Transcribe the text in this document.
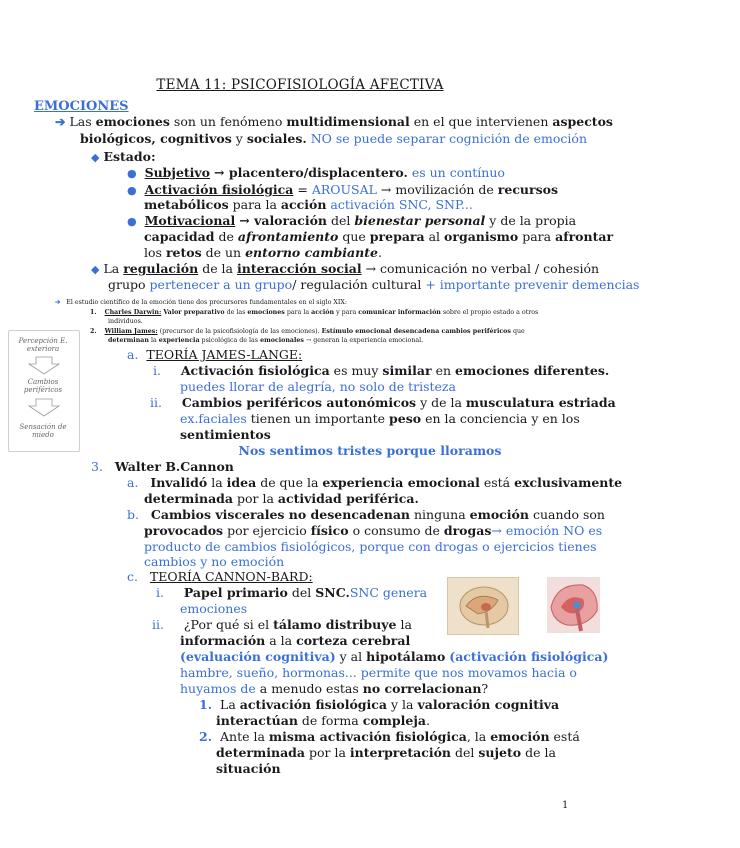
TEMA 11: PSICOFISIOLOGÍA AFECTIVA
EMOCIONES
➔ Las emociones son un fenómeno multidimensional en el que intervienen aspectos
biológicos, cognitivos y sociales. NO se puede separar cognición de emoción
◆ Estado:
● Subjetivo → placentero/displacentero. es un contínuo
● Activación fisiológica = AROUSAL → movilización de recursos
metabólicos para la acción activación SNC, SNP...
● Motivacional → valoración del bienestar personal y de la propia
capacidad de afrontamiento que prepara al organismo para afrontar
los retos de un entorno cambiante.
◆ La regulación de la interacción social → comunicación no verbal / cohesión
grupo pertenecer a un grupo/ regulación cultural + importante prevenir demencias
➔ El estudio científico de la emoción tiene dos precursores fundamentales en el siglo XIX:
1. Charles Darwin: Valor preparativo de las emociones para la acción y para comunicar información sobre el propio estado a otros
individuos.
2. William James: (precursor de la psicofisiología de las emociones). Estímulo emocional desencadena cambios periféricos que
determinan la experiencia psicológica de las emocionales → generan la experiencia emocional.
Percepción E. exteriora
Cambios periféricos
Sensación de miedo
a. TEORÍA JAMES-LANGE:
i. Activación fisiológica es muy similar en emociones diferentes.
puedes llorar de alegría, no solo de tristeza
ii. Cambios periféricos autonómicos y de la musculatura estriada
ex.faciales tienen un importante peso en la conciencia y en los
sentimientos
Nos sentimos tristes porque lloramos
3. Walter B.Cannon
a. Invalidó la idea de que la experiencia emocional está exclusivamente
determinada por la actividad periférica.
b. Cambios viscerales no desencadenan ninguna emoción cuando son
provocados por ejercicio físico o consumo de drogas→ emoción NO es
producto de cambios fisiológicos, porque con drogas o ejercicios tienes
cambios y no emoción
c. TEORÍA CANNON-BARD:
i. Papel primario del SNC.SNC genera
emociones
ii. ¿Por qué si el tálamo distribuye la
información a la corteza cerebral
(evaluación cognitiva) y al hipotálamo (activación fisiológica)
hambre, sueño, hormonas... permite que nos movamos hacia o
huyamos de a menudo estas no correlacionan?
1. La activación fisiológica y la valoración cognitiva
interactúan de forma compleja.
2. Ante la misma activación fisiológica, la emoción está
determinada por la interpretación del sujeto de la
situación
1
